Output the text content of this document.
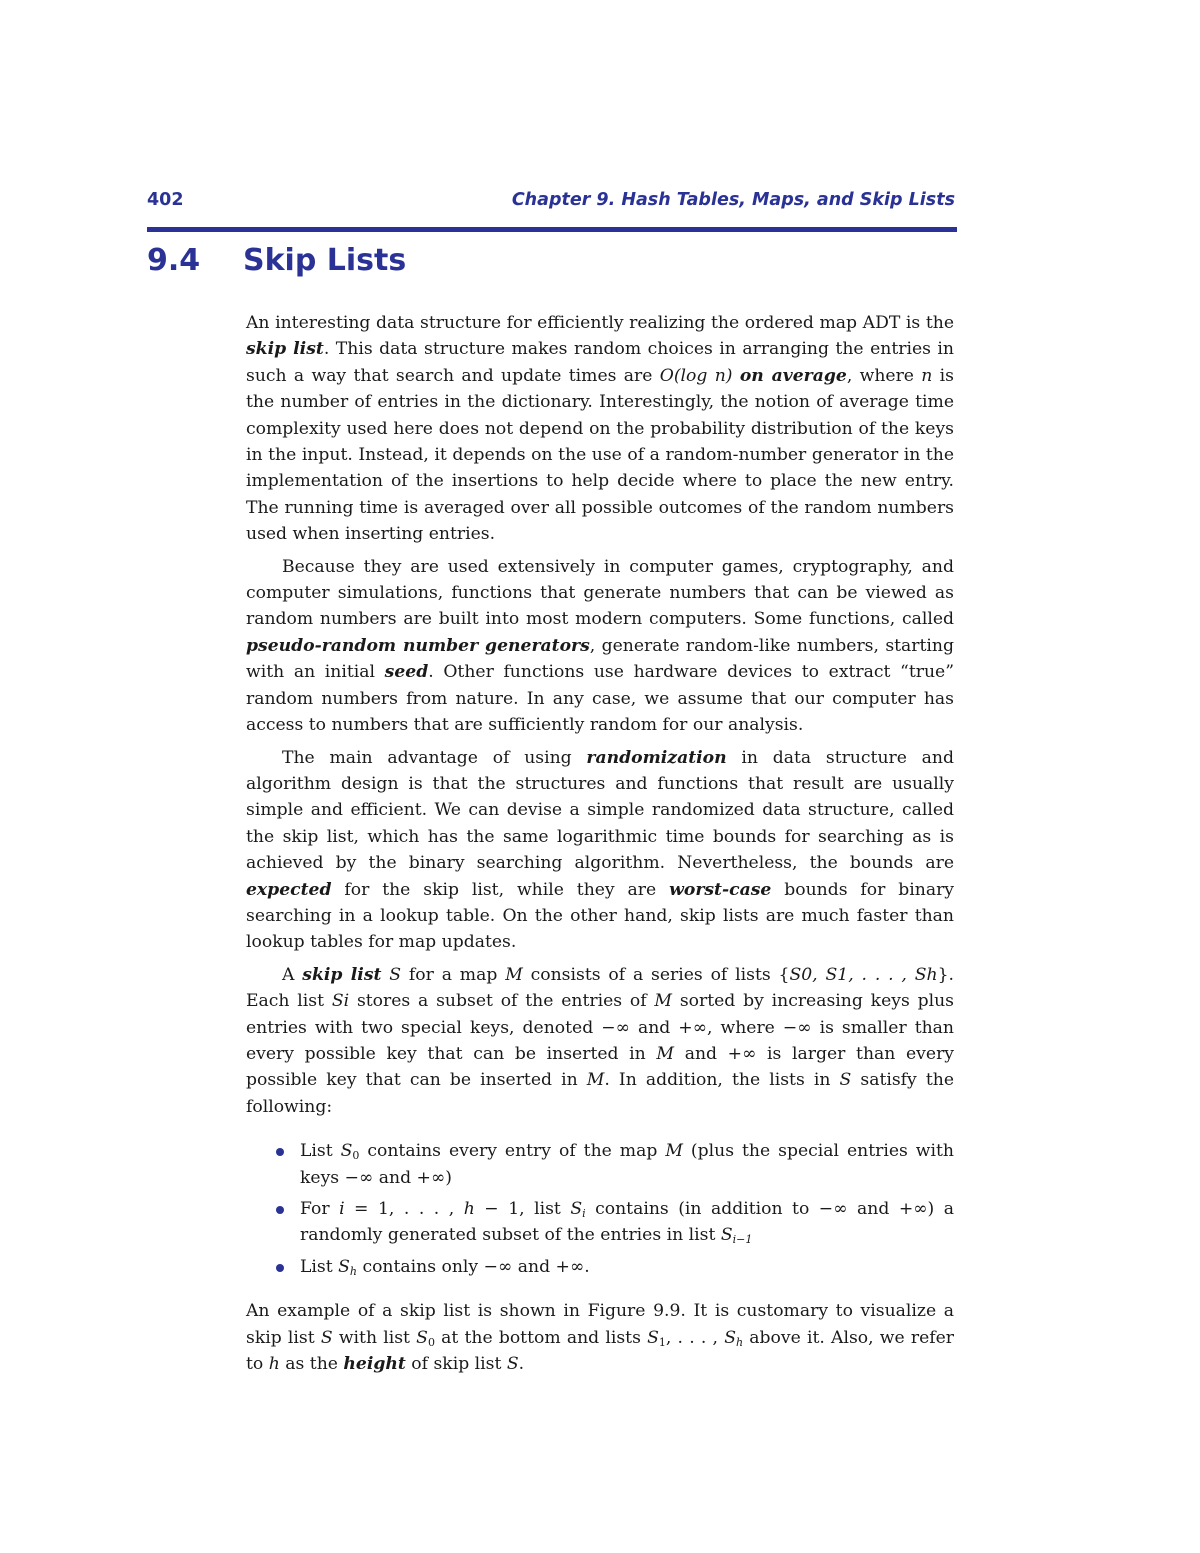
402	Chapter 9. Hash Tables, Maps, and Skip Lists
9.4 Skip Lists

An interesting data structure for efficiently realizing the ordered map ADT is the skip list. This data structure makes random choices in arranging the entries in such a way that search and update times are O(log n) on average, where n is the number of entries in the dictionary. Interestingly, the notion of average time complexity used here does not depend on the probability distribution of the keys in the input. Instead, it depends on the use of a random-number generator in the implementation of the insertions to help decide where to place the new entry. The running time is averaged over all possible outcomes of the random numbers used when inserting entries.

Because they are used extensively in computer games, cryptography, and computer simulations, functions that generate numbers that can be viewed as random numbers are built into most modern computers. Some functions, called pseudo-random number generators, generate random-like numbers, starting with an initial seed. Other functions use hardware devices to extract “true” random numbers from nature. In any case, we assume that our computer has access to numbers that are sufficiently random for our analysis.

The main advantage of using randomization in data structure and algorithm design is that the structures and functions that result are usually simple and efficient. We can devise a simple randomized data structure, called the skip list, which has the same logarithmic time bounds for searching as is achieved by the binary searching algorithm. Nevertheless, the bounds are expected for the skip list, while they are worst-case bounds for binary searching in a lookup table. On the other hand, skip lists are much faster than lookup tables for map updates.

A skip list S for a map M consists of a series of lists {S0, S1, . . . , Sh}. Each list Si stores a subset of the entries of M sorted by increasing keys plus entries with two special keys, denoted −∞ and +∞, where −∞ is smaller than every possible key that can be inserted in M and +∞ is larger than every possible key that can be inserted in M. In addition, the lists in S satisfy the following:

List $S_0$ contains every entry of the map M (plus the special entries with keys −∞ and +∞)
For i = 1, . . . , h − 1, list $S_i$ contains (in addition to −∞ and +∞) a randomly generated subset of the entries in list $S_{i-1}$
List $S_h$ contains only −∞ and +∞.

An example of a skip list is shown in Figure 9.9. It is customary to visualize a skip list S with list $S_0$ at the bottom and lists $S_1$, . . . , $S_h$ above it. Also, we refer to h as the height of skip list S.
